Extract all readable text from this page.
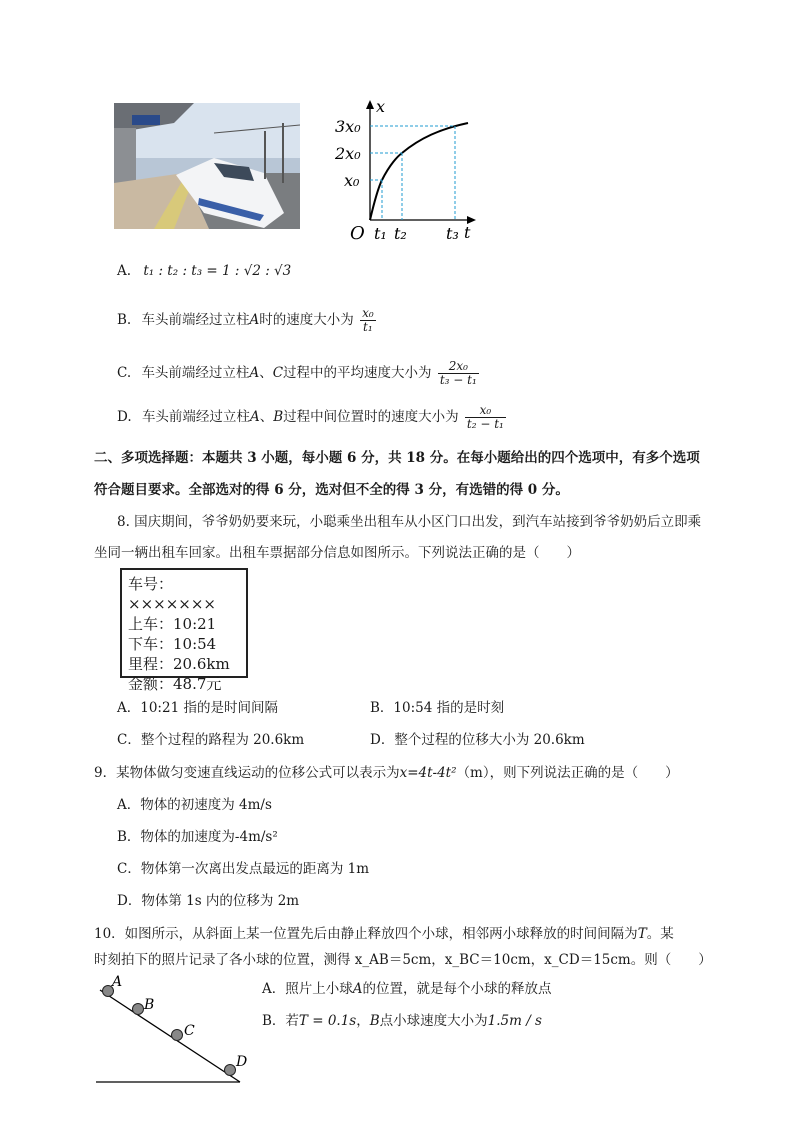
x
t
O
x₀
2x₀
3x₀
t₁ t₂ t₃
A. t₁ : t₂ : t₃ = 1 : √2 : √3
B. 车头前端经过立柱A时的速度大小为 $\frac{\text{x₀}}{\text{t₁}}$
C. 车头前端经过立柱A、C过程中的平均速度大小为 $\frac{\text{2x₀}}{\text{t₃ − t₁}}$
D. 车头前端经过立柱A、B过程中间位置时的速度大小为 $\frac{\text{x₀}}{\text{t₂ − t₁}}$
二、多项选择题：本题共 3 小题，每小题 6 分，共 18 分。在每小题给出的四个选项中，有多个选项
符合题目要求。全部选对的得 6 分，选对但不全的得 3 分，有选错的得 0 分。
8. 国庆期间，爷爷奶奶要来玩，小聪乘坐出租车从小区门口出发，到汽车站接到爷爷奶奶后立即乘
坐同一辆出租车回家。出租车票据部分信息如图所示。下列说法正确的是（　　）
车号：×××××××
上车：10:21
下车：10:54
里程：20.6km
金额：48.7元
A．10:21 指的是时间间隔	B．10:54 指的是时刻
C．整个过程的路程为 20.6km	D．整个过程的位移大小为 20.6km
9．某物体做匀变速直线运动的位移公式可以表示为x=4t-4t²（m），则下列说法正确的是（　　）
A．物体的初速度为 4m/s
B．物体的加速度为-4m/s²
C．物体第一次离出发点最远的距离为 1m
D．物体第 1s 内的位移为 2m
10．如图所示，从斜面上某一位置先后由静止释放四个小球，相邻两小球释放的时间间隔为T。某
时刻拍下的照片记录了各小球的位置，测得 x_AB＝5cm，x_BC＝10cm，x_CD＝15cm。则（　　）
A
B
C
D
A．照片上小球A的位置，就是每个小球的释放点
B．若T = 0.1s，B点小球速度大小为1.5m / s
